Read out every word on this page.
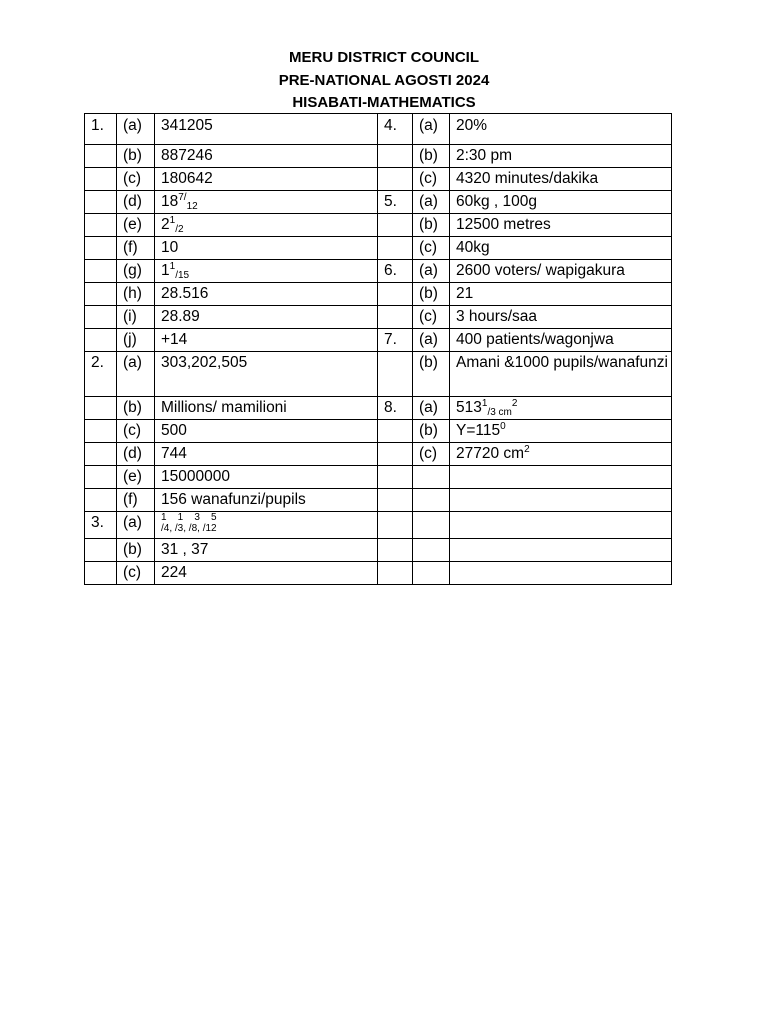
MERU DISTRICT COUNCIL
PRE-NATIONAL AGOSTI 2024
HISABATI-MATHEMATICS
1.	(a)	341205	4.	(a)	20%
	(b)	887246		(b)	2:30 pm
	(c)	180642		(c)	4320 minutes/dakika
	(d)	$18^{7/}_{12}$	5.	(a)	60kg , 100g
	(e)	$2^1_{/2}$		(b)	12500 metres
	(f)	10		(c)	40kg
	(g)	$1^1_{/15}$	6.	(a)	2600 voters/ wapigakura
	(h)	28.516		(b)	21
	(i)	28.89		(c)	3 hours/saa
	(j)	+14	7.	(a)	400 patients/wagonjwa
2.	(a)	303,202,505		(b)	Amani &1000 pupils/wanafunzi
	(b)	Millions/ mamilioni	8.	(a)	$513^1_{/3 cm}^2$
	(c)	500		(b)	$Y=115^0$
	(d)	744		(c)	27720 $cm^2$
	(e)	15000000			
	(f)	156 wanafunzi/pupils			
3.	(a)	1    1    3    5
/4, /3, /8, /12			

	(b)	31 , 37			
	(c)	224			
